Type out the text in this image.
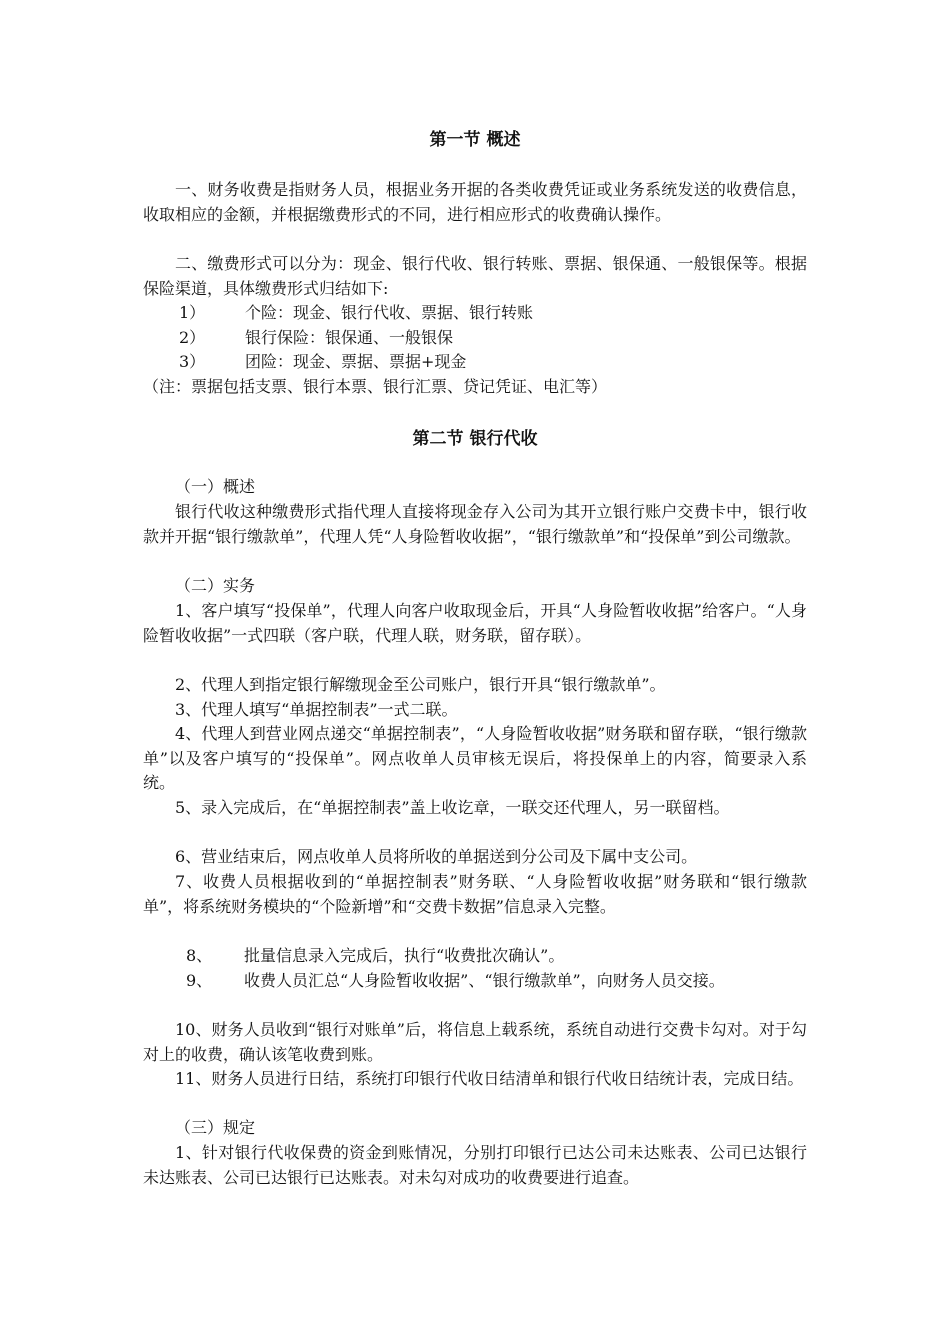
第一节 概述

一、财务收费是指财务人员，根据业务开据的各类收费凭证或业务系统发送的收费信息，收取相应的金额，并根据缴费形式的不同，进行相应形式的收费确认操作。

二、缴费形式可以分为：现金、银行代收、银行转账、票据、银保通、一般银保等。根据保险渠道，具体缴费形式归结如下:

1） 个险：现金、银行代收、票据、银行转账
2） 银行保险：银保通、一般银保
3） 团险：现金、票据、票据+现金
（注：票据包括支票、银行本票、银行汇票、贷记凭证、电汇等）
第二节 银行代收
（一）概述

银行代收这种缴费形式指代理人直接将现金存入公司为其开立银行账户交费卡中，银行收款并开据“银行缴款单”，代理人凭“人身险暂收收据”，“银行缴款单”和“投保单”到公司缴款。

（二）实务

1、客户填写“投保单”，代理人向客户收取现金后，开具“人身险暂收收据”给客户。“人身险暂收收据”一式四联（客户联，代理人联，财务联，留存联）。

2、代理人到指定银行解缴现金至公司账户，银行开具“银行缴款单”。

3、代理人填写“单据控制表”一式二联。

4、代理人到营业网点递交“单据控制表”，“人身险暂收收据”财务联和留存联，“银行缴款单”以及客户填写的“投保单”。网点收单人员审核无误后，将投保单上的内容，简要录入系统。

5、录入完成后，在“单据控制表”盖上收讫章，一联交还代理人，另一联留档。

6、营业结束后，网点收单人员将所收的单据送到分公司及下属中支公司。

7、收费人员根据收到的“单据控制表”财务联、“人身险暂收收据”财务联和“银行缴款单”，将系统财务模块的“个险新增”和“交费卡数据”信息录入完整。

8、 批量信息录入完成后，执行“收费批次确认”。
9、	收费人员汇总“人身险暂收收据”、“银行缴款单”，向财务人员交接。

10、财务人员收到“银行对账单”后，将信息上载系统，系统自动进行交费卡勾对。对于勾对上的收费，确认该笔收费到账。

11、财务人员进行日结，系统打印银行代收日结清单和银行代收日结统计表，完成日结。

（三）规定

1、针对银行代收保费的资金到账情况，分别打印银行已达公司未达账表、公司已达银行未达账表、公司已达银行已达账表。对未勾对成功的收费要进行追查。
